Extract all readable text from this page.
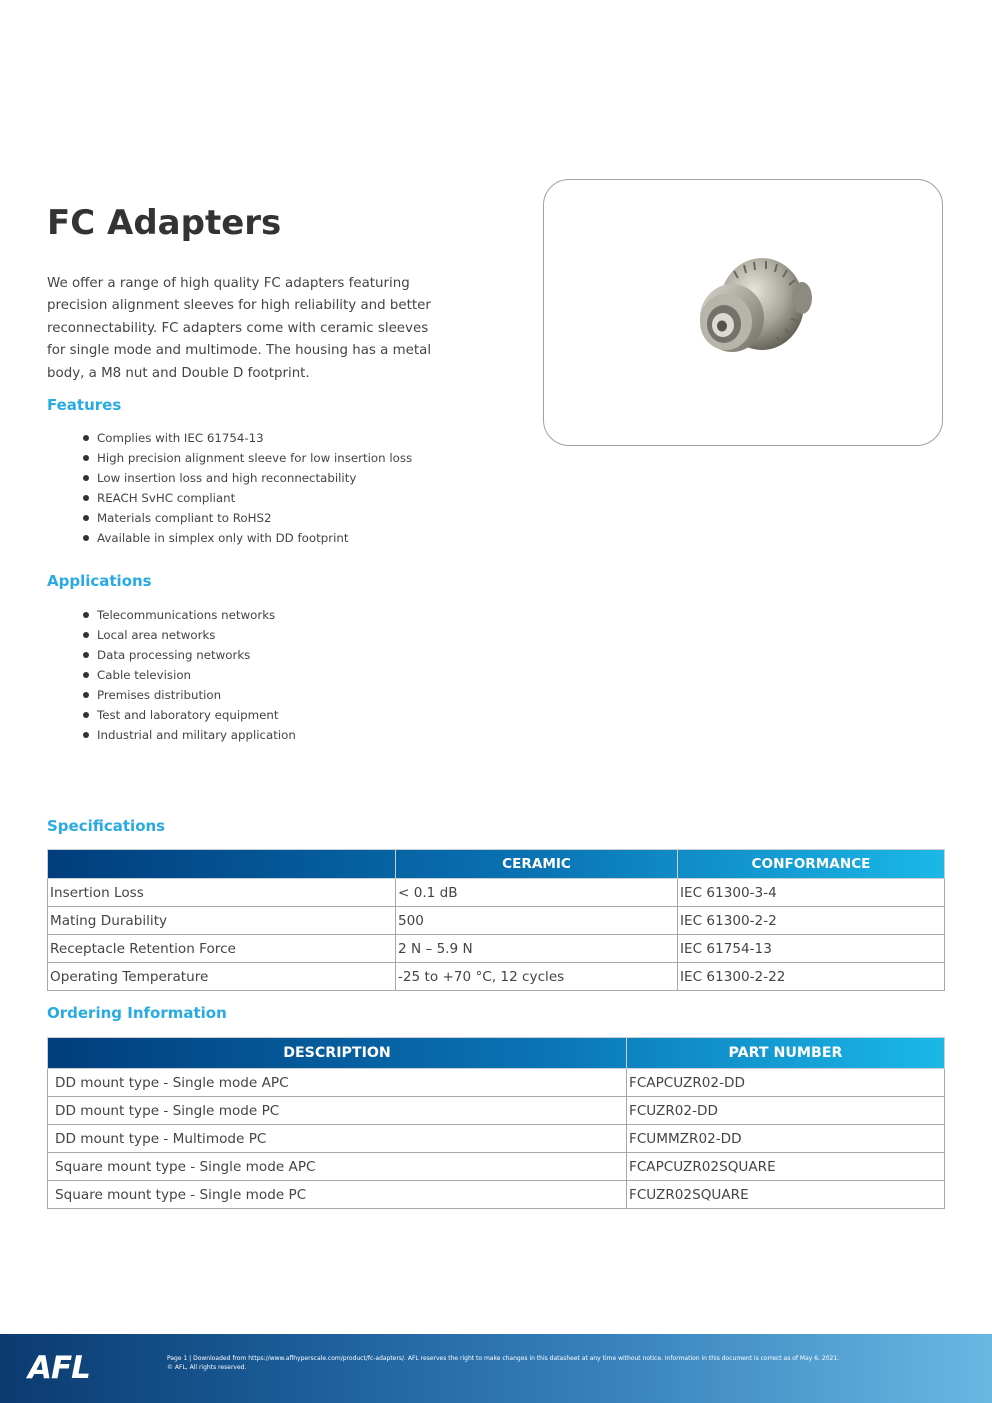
FC Adapters

We offer a range of high quality FC adapters featuring precision alignment sleeves for high reliability and better reconnectability. FC adapters come with ceramic sleeves for single mode and multimode. The housing has a metal body, a M8 nut and Double D footprint.

Features
Complies with IEC 61754-13
High precision alignment sleeve for low insertion loss
Low insertion loss and high reconnectability
REACH SvHC compliant
Materials compliant to RoHS2
Available in simplex only with DD footprint
Applications
Telecommunications networks
Local area networks
Data processing networks
Cable television
Premises distribution
Test and laboratory equipment
Industrial and military application
Specifications
	CERAMIC	CONFORMANCE
Insertion Loss	< 0.1 dB	IEC 61300-3-4
Mating Durability	500	IEC 61300-2-2
Receptacle Retention Force	2 N – 5.9 N	IEC 61754-13
Operating Temperature	-25 to +70 °C, 12 cycles	IEC 61300-2-22
Ordering Information
DESCRIPTION	PART NUMBER
DD mount type - Single mode APC	FCAPCUZR02-DD
DD mount type - Single mode PC	FCUZR02-DD
DD mount type - Multimode PC	FCUMMZR02-DD
Square mount type - Single mode APC	FCAPCUZR02SQUARE
Square mount type - Single mode PC	FCUZR02SQUARE
AFL	Page 1 | Downloaded from https://www.aflhyperscale.com/product/fc-adapters/. AFL reserves the right to make changes in this datasheet at any time without notice. Information in this document is correct as of May 6, 2021.
© AFL, All rights reserved.
